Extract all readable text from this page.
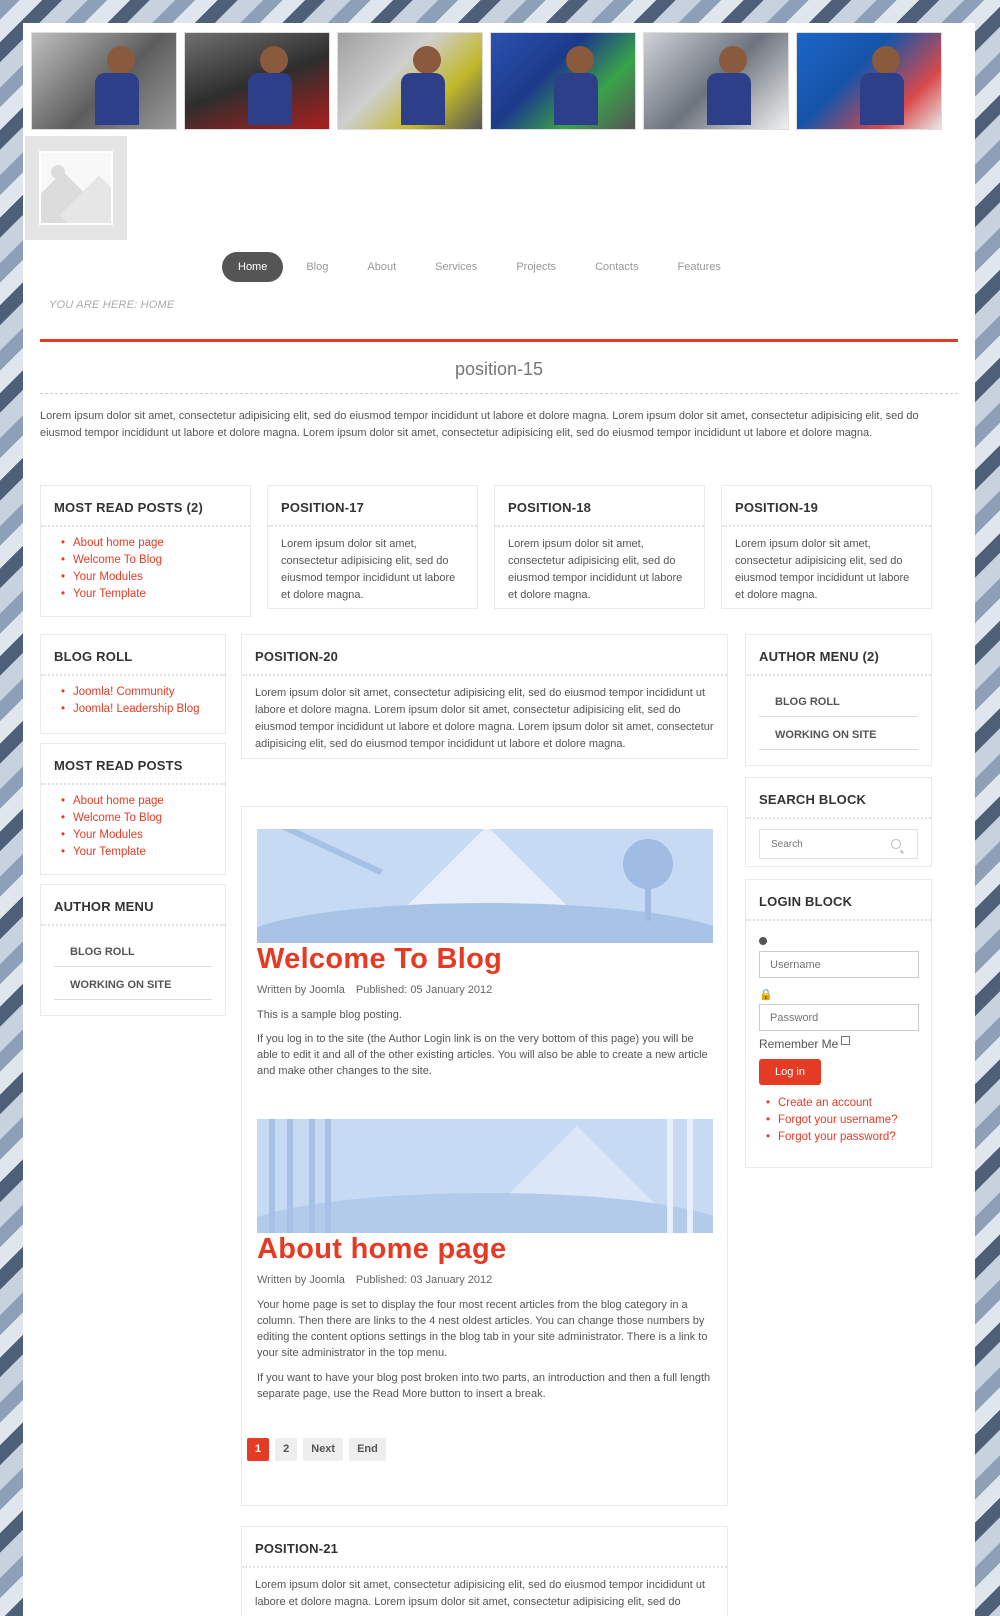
Home	Blog	About	Services	Projects	Contacts	Features
YOU ARE HERE: HOME
position-15
Lorem ipsum dolor sit amet, consectetur adipisicing elit, sed do eiusmod tempor incididunt ut labore et dolore magna. Lorem ipsum dolor sit amet, consectetur adipisicing elit, sed do eiusmod tempor incididunt ut labore et dolore magna. Lorem ipsum dolor sit amet, consectetur adipisicing elit, sed do eiusmod tempor incididunt ut labore et dolore magna.
MOST READ POSTS (2)
• About home page
• Welcome To Blog
• Your Modules
• Your Template
POSITION-17
Lorem ipsum dolor sit amet, consectetur adipisicing elit, sed do eiusmod tempor incididunt ut labore et dolore magna.
POSITION-18
Lorem ipsum dolor sit amet, consectetur adipisicing elit, sed do eiusmod tempor incididunt ut labore et dolore magna.
POSITION-19
Lorem ipsum dolor sit amet, consectetur adipisicing elit, sed do eiusmod tempor incididunt ut labore et dolore magna.
BLOG ROLL
• Joomla! Community
• Joomla! Leadership Blog
MOST READ POSTS
• About home page
• Welcome To Blog
• Your Modules
• Your Template
AUTHOR MENU
BLOG ROLL
WORKING ON SITE
POSITION-20
Lorem ipsum dolor sit amet, consectetur adipisicing elit, sed do eiusmod tempor incididunt ut labore et dolore magna. Lorem ipsum dolor sit amet, consectetur adipisicing elit, sed do eiusmod tempor incididunt ut labore et dolore magna. Lorem ipsum dolor sit amet, consectetur adipisicing elit, sed do eiusmod tempor incididunt ut labore et dolore magna.
Welcome To Blog
Written by Joomla Published: 05 January 2012
This is a sample blog posting.
If you log in to the site (the Author Login link is on the very bottom of this page) you will be able to edit it and all of the other existing articles. You will also be able to create a new article and make other changes to the site.
About home page
Written by Joomla Published: 03 January 2012
Your home page is set to display the four most recent articles from the blog category in a column. Then there are links to the 4 nest oldest articles. You can change those numbers by editing the content options settings in the blog tab in your site administrator. There is a link to your site administrator in the top menu.
If you want to have your blog post broken into two parts, an introduction and then a full length separate page, use the Read More button to insert a break.
1	2	Next	End
POSITION-21
Lorem ipsum dolor sit amet, consectetur adipisicing elit, sed do eiusmod tempor incididunt ut labore et dolore magna. Lorem ipsum dolor sit amet, consectetur adipisicing elit, sed do
AUTHOR MENU (2)
BLOG ROLL
WORKING ON SITE
SEARCH BLOCK
Search
LOGIN BLOCK
Username
🔒
Remember Me
Log in
• Create an account
• Forgot your username?
• Forgot your password?
